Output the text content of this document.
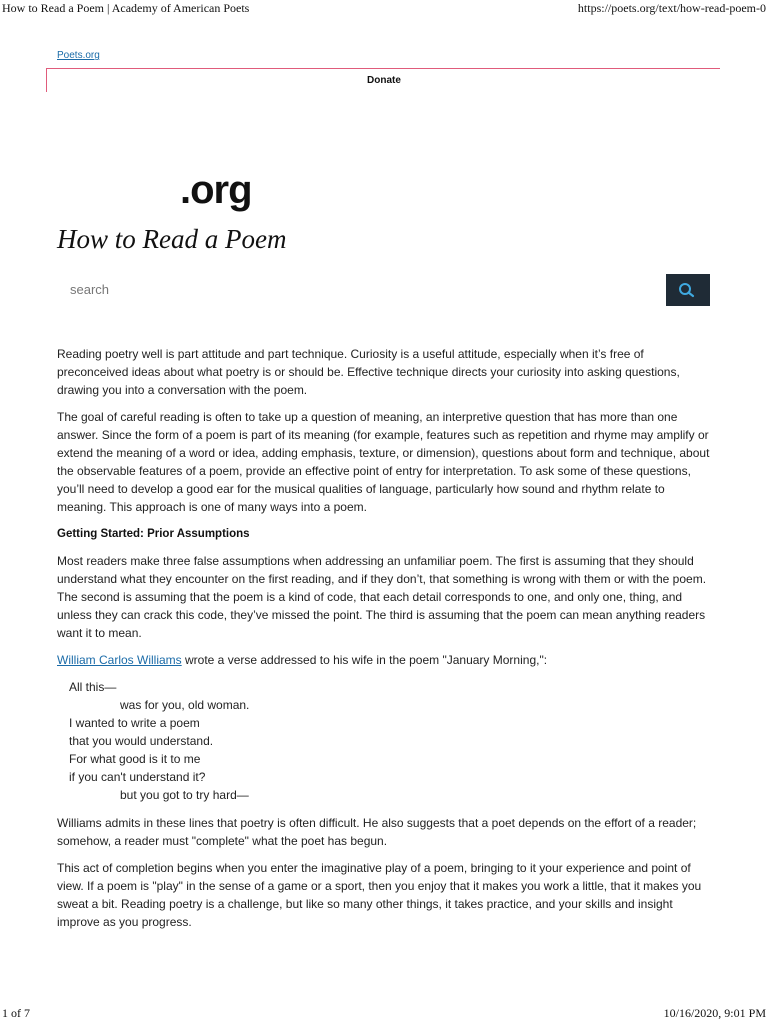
How to Read a Poem | Academy of American Poets	https://poets.org/text/how-read-poem-0
Poets.org
Donate
.org
How to Read a Poem
search

Reading poetry well is part attitude and part technique. Curiosity is a useful attitude, especially when it’s free of preconceived ideas about what poetry is or should be. Effective technique directs your curiosity into asking questions, drawing you into a conversation with the poem.

The goal of careful reading is often to take up a question of meaning, an interpretive question that has more than one answer. Since the form of a poem is part of its meaning (for example, features such as repetition and rhyme may amplify or extend the meaning of a word or idea, adding emphasis, texture, or dimension), questions about form and technique, about the observable features of a poem, provide an effective point of entry for interpretation. To ask some of these questions, you’ll need to develop a good ear for the musical qualities of language, particularly how sound and rhythm relate to meaning. This approach is one of many ways into a poem.

Getting Started: Prior Assumptions

Most readers make three false assumptions when addressing an unfamiliar poem. The first is assuming that they should understand what they encounter on the first reading, and if they don’t, that something is wrong with them or with the poem. The second is assuming that the poem is a kind of code, that each detail corresponds to one, and only one, thing, and unless they can crack this code, they’ve missed the point. The third is assuming that the poem can mean anything readers want it to mean.

William Carlos Williams wrote a verse addressed to his wife in the poem "January Morning,":

All this—
was for you, old woman.
I wanted to write a poem
that you would understand.
For what good is it to me
if you can't understand it?
but you got to try hard—

Williams admits in these lines that poetry is often difficult. He also suggests that a poet depends on the effort of a reader; somehow, a reader must "complete" what the poet has begun.

This act of completion begins when you enter the imaginative play of a poem, bringing to it your experience and point of view. If a poem is "play" in the sense of a game or a sport, then you enjoy that it makes you work a little, that it makes you sweat a bit. Reading poetry is a challenge, but like so many other things, it takes practice, and your skills and insight improve as you progress.

1 of 7	10/16/2020, 9:01 PM
